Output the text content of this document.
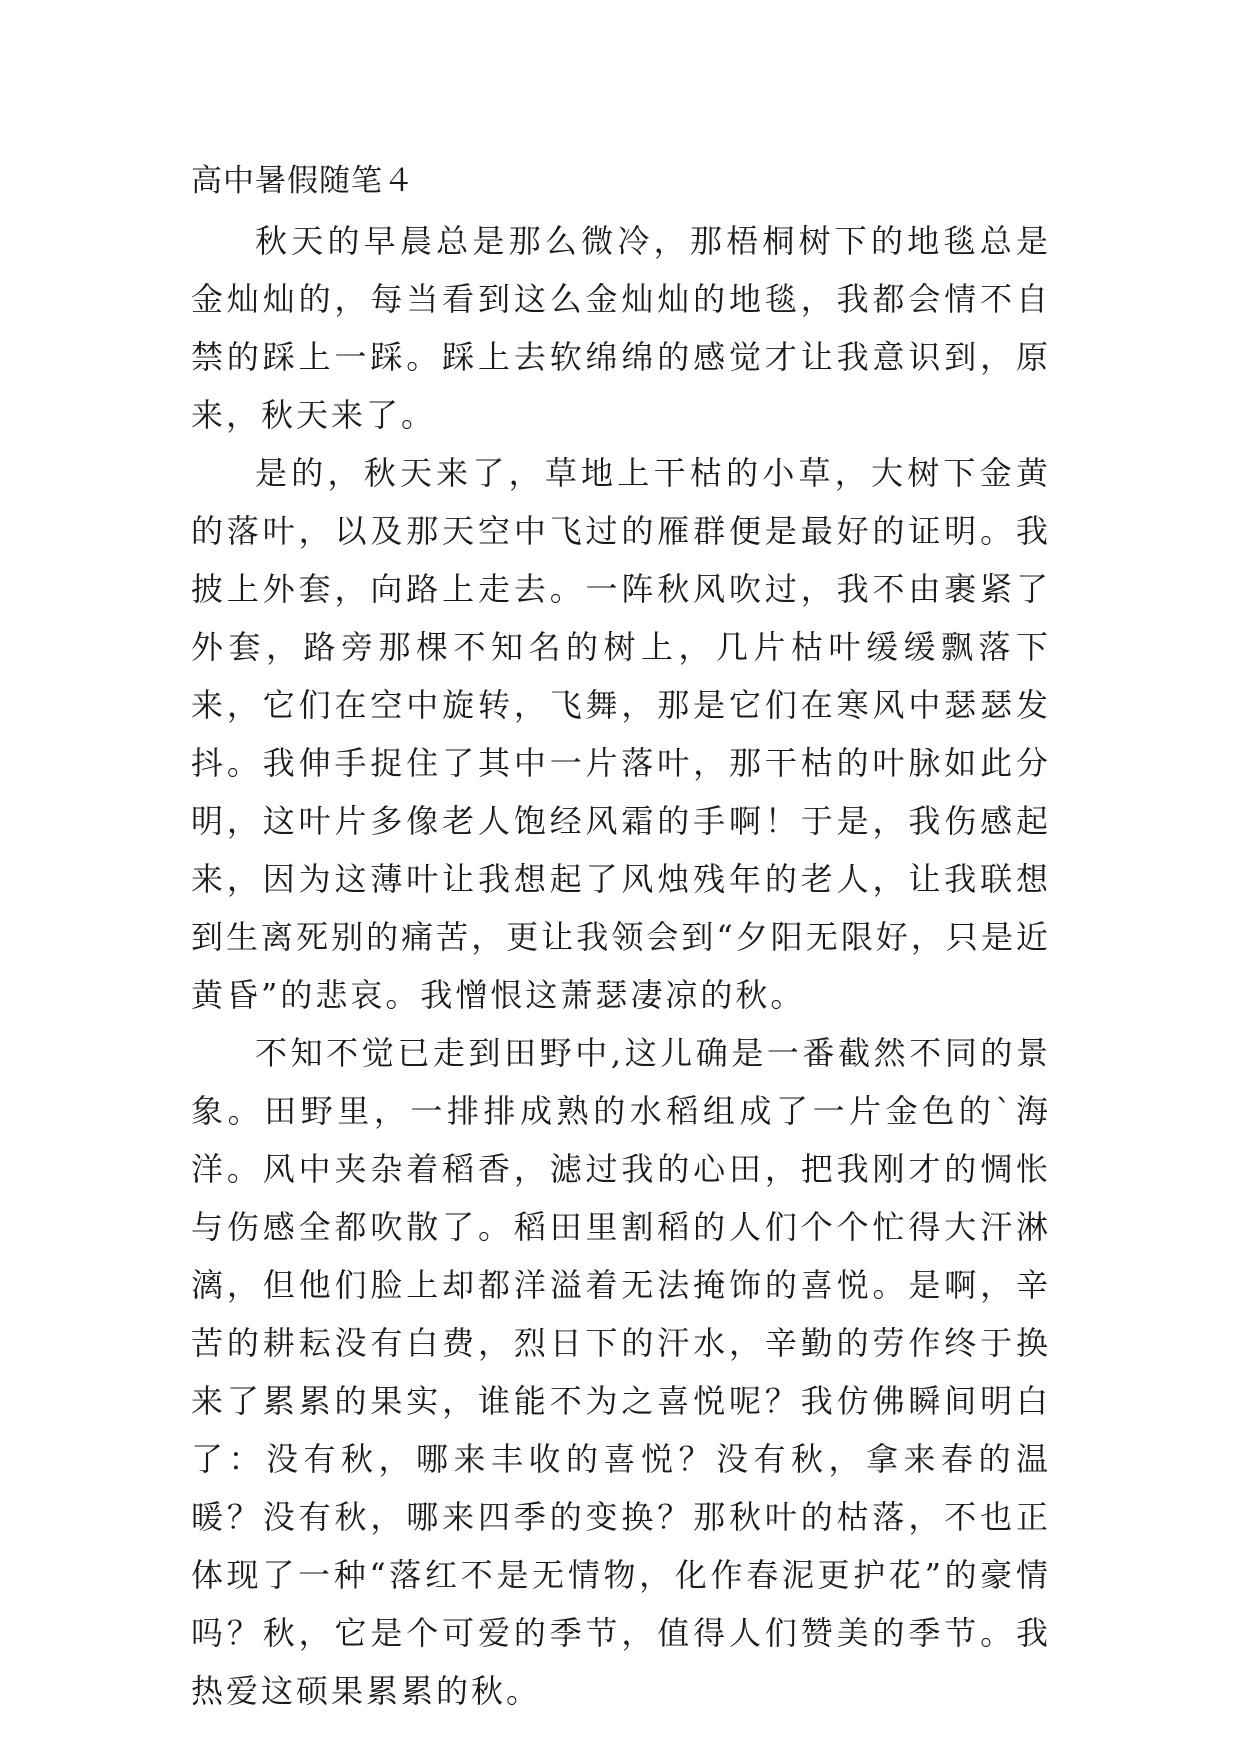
高中暑假随笔４

秋天的早晨总是那么微冷，那梧桐树下的地毯总是金灿灿的，每当看到这么金灿灿的地毯，我都会情不自禁的踩上一踩。踩上去软绵绵的感觉才让我意识到，原来，秋天来了。

是的，秋天来了，草地上干枯的小草，大树下金黄的落叶，以及那天空中飞过的雁群便是最好的证明。我披上外套，向路上走去。一阵秋风吹过，我不由裹紧了外套，路旁那棵不知名的树上，几片枯叶缓缓飘落下来，它们在空中旋转，飞舞，那是它们在寒风中瑟瑟发抖。我伸手捉住了其中一片落叶，那干枯的叶脉如此分明，这叶片多像老人饱经风霜的手啊！于是，我伤感起来，因为这薄叶让我想起了风烛残年的老人，让我联想到生离死别的痛苦，更让我领会到“夕阳无限好，只是近黄昏”的悲哀。我憎恨这萧瑟凄凉的秋。

不知不觉已走到田野中,这儿确是一番截然不同的景象。田野里，一排排成熟的水稻组成了一片金色的`海洋。风中夹杂着稻香，滤过我的心田，把我刚才的惆怅与伤感全都吹散了。稻田里割稻的人们个个忙得大汗淋漓，但他们脸上却都洋溢着无法掩饰的喜悦。是啊，辛苦的耕耘没有白费，烈日下的汗水，辛勤的劳作终于换来了累累的果实，谁能不为之喜悦呢？我仿佛瞬间明白了：没有秋，哪来丰收的喜悦？没有秋，拿来春的温暖？没有秋，哪来四季的变换？那秋叶的枯落，不也正体现了一种“落红不是无情物，化作春泥更护花”的豪情吗？秋，它是个可爱的季节，值得人们赞美的季节。我热爱这硕果累累的秋。
